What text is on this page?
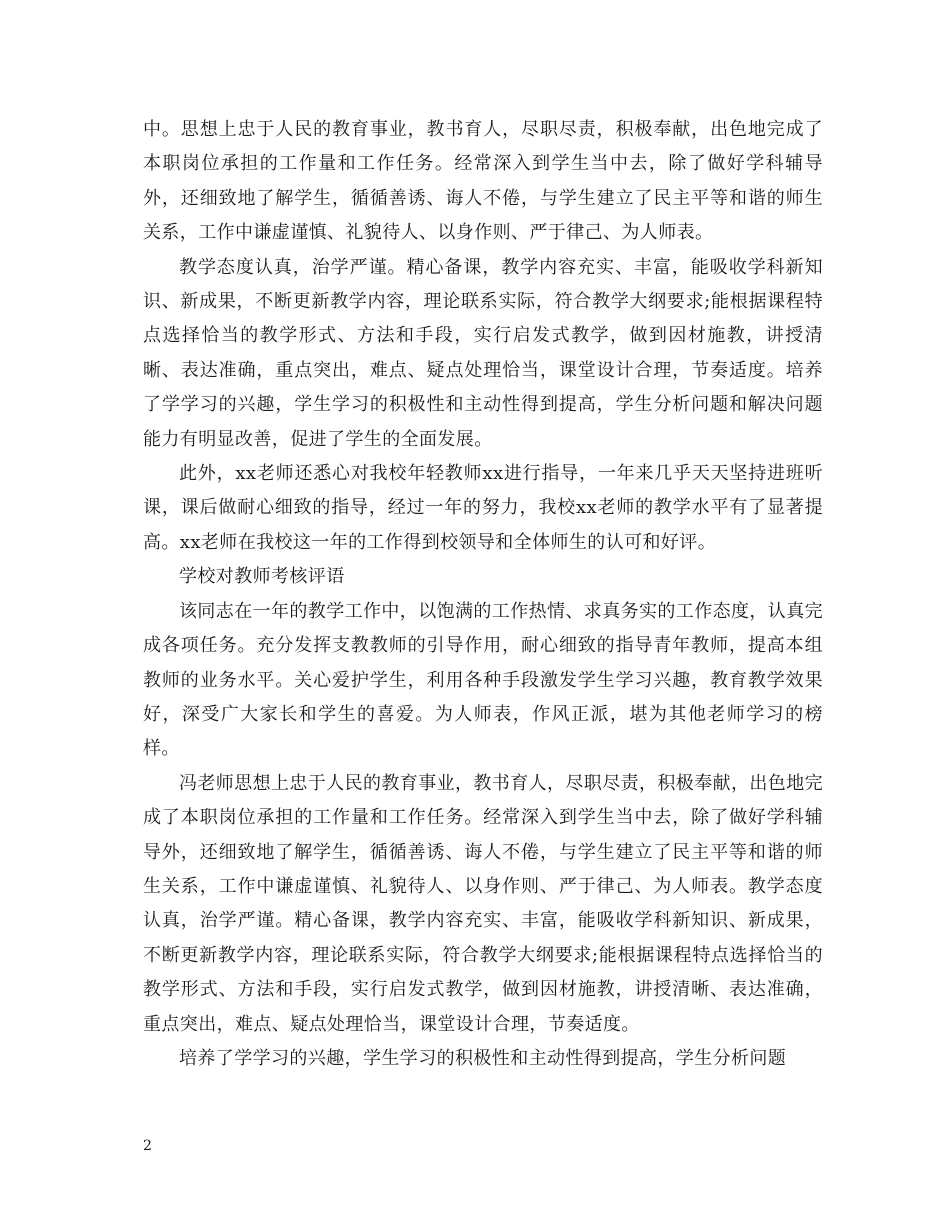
中。思想上忠于人民的教育事业，教书育人，尽职尽责，积极奉献，出色地完成了本职岗位承担的工作量和工作任务。经常深入到学生当中去，除了做好学科辅导外，还细致地了解学生，循循善诱、诲人不倦，与学生建立了民主平等和谐的师生关系，工作中谦虚谨慎、礼貌待人、以身作则、严于律己、为人师表。

教学态度认真，治学严谨。精心备课，教学内容充实、丰富，能吸收学科新知识、新成果，不断更新教学内容，理论联系实际，符合教学大纲要求;能根据课程特点选择恰当的教学形式、方法和手段，实行启发式教学，做到因材施教，讲授清晰、表达准确，重点突出，难点、疑点处理恰当，课堂设计合理，节奏适度。培养了学学习的兴趣，学生学习的积极性和主动性得到提高，学生分析问题和解决问题能力有明显改善，促进了学生的全面发展。

此外，xx老师还悉心对我校年轻教师xx进行指导，一年来几乎天天坚持进班听课，课后做耐心细致的指导，经过一年的努力，我校xx老师的教学水平有了显著提高。xx老师在我校这一年的工作得到校领导和全体师生的认可和好评。

学校对教师考核评语

该同志在一年的教学工作中，以饱满的工作热情、求真务实的工作态度，认真完成各项任务。充分发挥支教教师的引导作用，耐心细致的指导青年教师，提高本组教师的业务水平。关心爱护学生，利用各种手段激发学生学习兴趣，教育教学效果好，深受广大家长和学生的喜爱。为人师表，作风正派，堪为其他老师学习的榜样。

冯老师思想上忠于人民的教育事业，教书育人，尽职尽责，积极奉献，出色地完成了本职岗位承担的工作量和工作任务。经常深入到学生当中去，除了做好学科辅导外，还细致地了解学生，循循善诱、诲人不倦，与学生建立了民主平等和谐的师生关系，工作中谦虚谨慎、礼貌待人、以身作则、严于律己、为人师表。教学态度认真，治学严谨。精心备课，教学内容充实、丰富，能吸收学科新知识、新成果，不断更新教学内容，理论联系实际，符合教学大纲要求;能根据课程特点选择恰当的教学形式、方法和手段，实行启发式教学，做到因材施教，讲授清晰、表达准确，重点突出，难点、疑点处理恰当，课堂设计合理，节奏适度。

培养了学学习的兴趣，学生学习的积极性和主动性得到提高，学生分析问题

2
